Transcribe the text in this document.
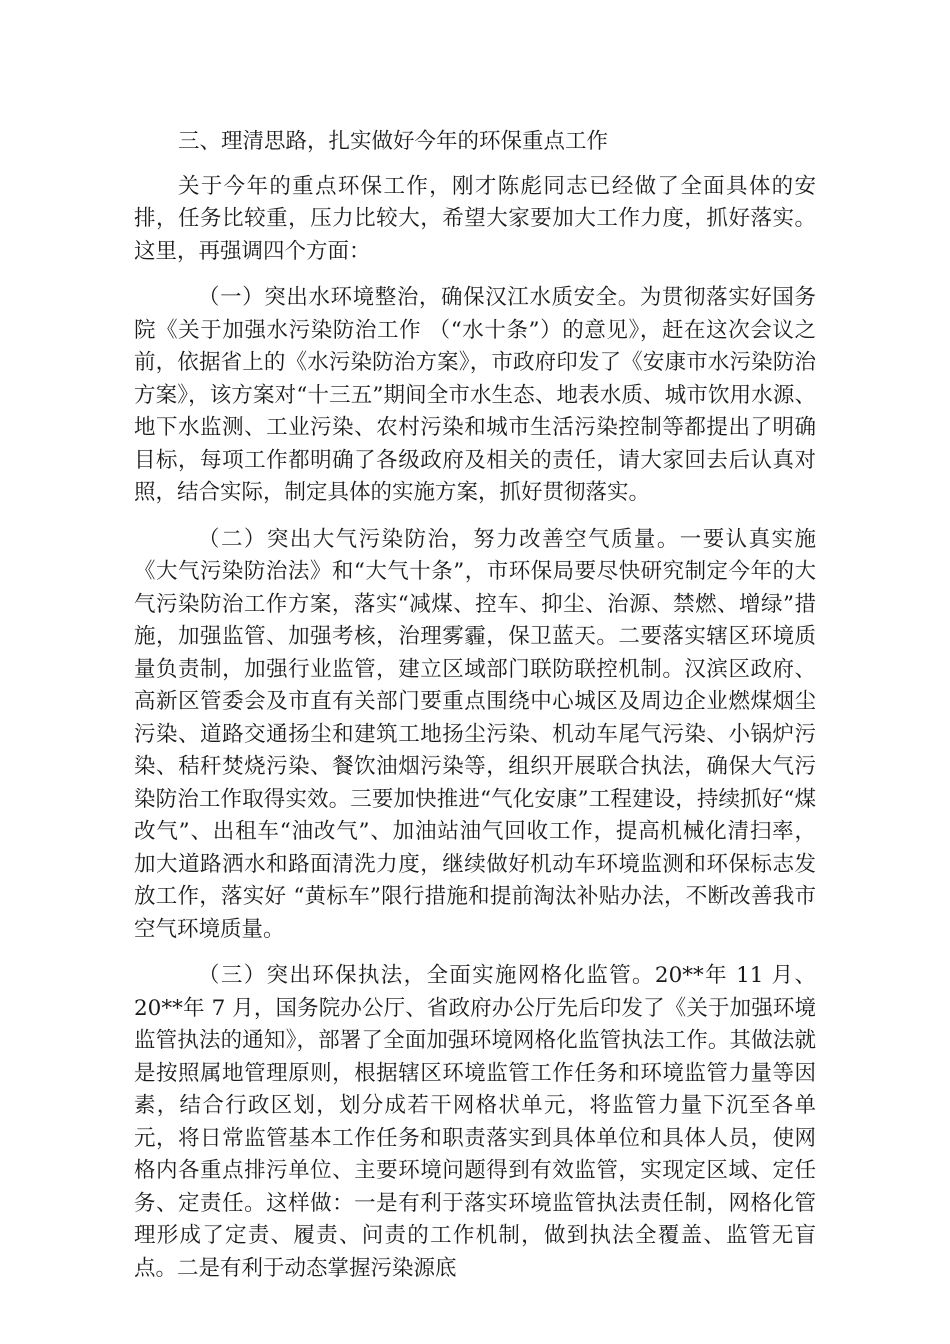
三、理清思路，扎实做好今年的环保重点工作

关于今年的重点环保工作，刚才陈彪同志已经做了全面具体的安排，任务比较重，压力比较大，希望大家要加大工作力度，抓好落实。这里，再强调四个方面：

（一）突出水环境整治，确保汉江水质安全。为贯彻落实好国务院《关于加强水污染防治工作 （“水十条”）的意见》，赶在这次会议之前，依据省上的《水污染防治方案》，市政府印发了《安康市水污染防治方案》，该方案对“十三五”期间全市水生态、地表水质、城市饮用水源、地下水监测、工业污染、农村污染和城市生活污染控制等都提出了明确目标，每项工作都明确了各级政府及相关的责任，请大家回去后认真对照，结合实际，制定具体的实施方案，抓好贯彻落实。

（二）突出大气污染防治，努力改善空气质量。一要认真实施《大气污染防治法》和“大气十条”，市环保局要尽快研究制定今年的大气污染防治工作方案，落实“减煤、控车、抑尘、治源、禁燃、增绿”措施，加强监管、加强考核，治理雾霾，保卫蓝天。二要落实辖区环境质量负责制，加强行业监管，建立区域部门联防联控机制。汉滨区政府、高新区管委会及市直有关部门要重点围绕中心城区及周边企业燃煤烟尘污染、道路交通扬尘和建筑工地扬尘污染、机动车尾气污染、小锅炉污染、秸秆焚烧污染、餐饮油烟污染等，组织开展联合执法，确保大气污染防治工作取得实效。三要加快推进“气化安康”工程建设，持续抓好“煤改气”、出租车“油改气”、加油站油气回收工作，提高机械化清扫率， 加大道路洒水和路面清洗力度，继续做好机动车环境监测和环保标志发放工作，落实好 “黄标车”限行措施和提前淘汰补贴办法，不断改善我市空气环境质量。

（三）突出环保执法，全面实施网格化监管。20**年 11 月、20**年 7 月，国务院办公厅、省政府办公厅先后印发了《关于加强环境监管执法的通知》，部署了全面加强环境网格化监管执法工作。其做法就是按照属地管理原则，根据辖区环境监管工作任务和环境监管力量等因素，结合行政区划，划分成若干网格状单元，将监管力量下沉至各单元，将日常监管基本工作任务和职责落实到具体单位和具体人员，使网格内各重点排污单位、主要环境问题得到有效监管，实现定区域、定任务、定责任。这样做：一是有利于落实环境监管执法责任制，网格化管理形成了定责、履责、问责的工作机制，做到执法全覆盖、监管无盲点。二是有利于动态掌握污染源底
